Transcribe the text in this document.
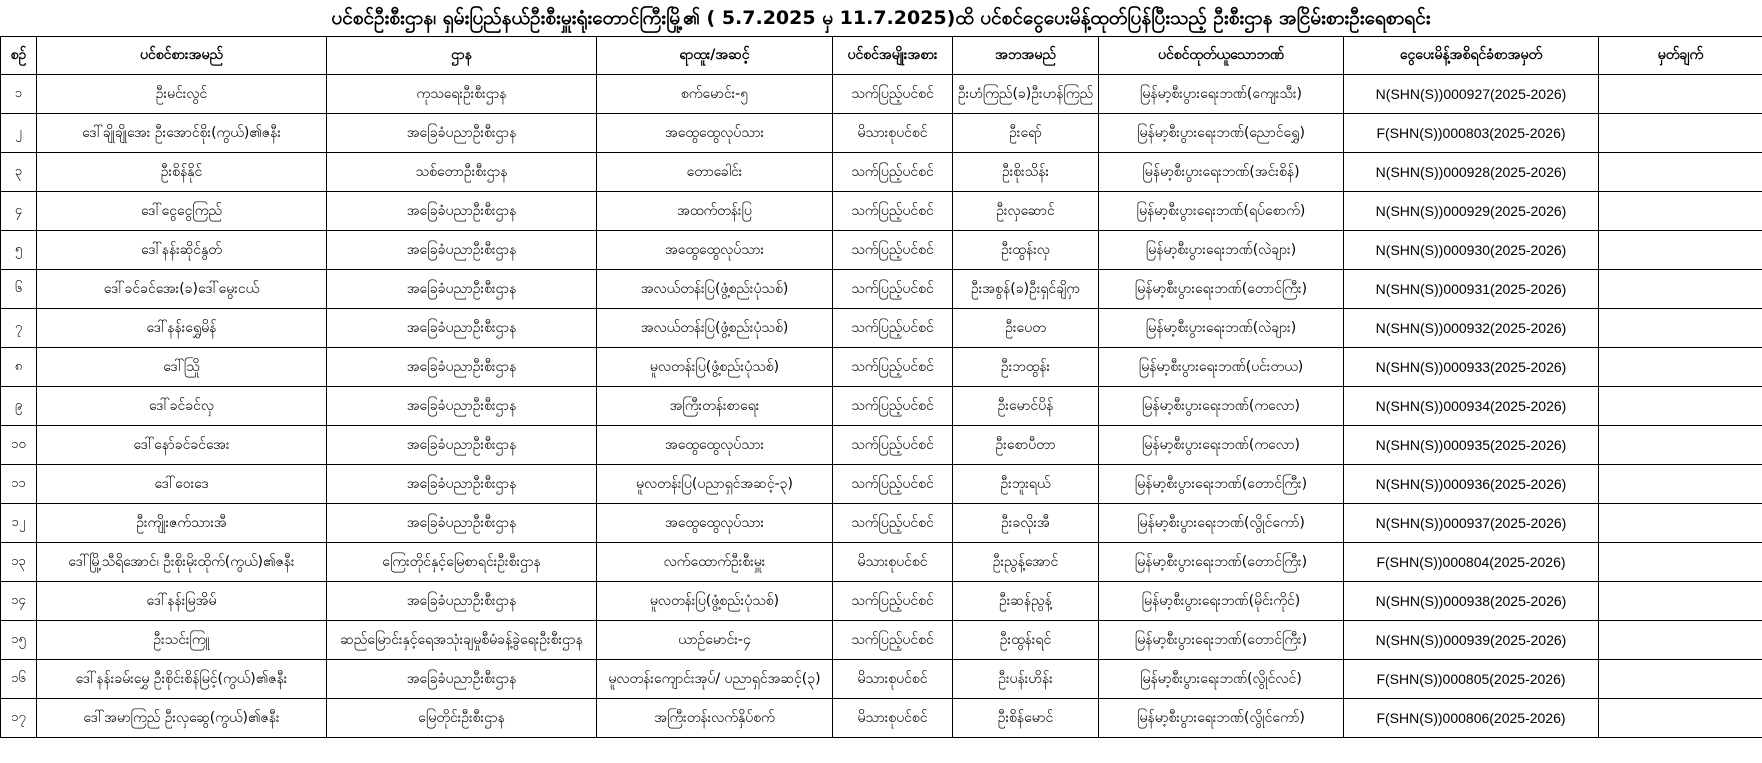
ပင်စင်ဦးစီးဌာန၊ ရှမ်းပြည်နယ်ဦးစီးမှူးရုံးတောင်ကြီးမြို့၏ ( 5.7.2025 မှ 11.7.2025)ထိ ပင်စင်ငွေပေးမိန့်ထုတ်ပြန်ပြီးသည့် ဦးစီးဌာန အငြိမ်းစားဦးရေစာရင်း
စဉ်	ပင်စင်စားအမည်	ဌာန	ရာထူး/အဆင့်	ပင်စင်အမျိုးအစား	အဘအမည်	ပင်စင်ထုတ်ယူသောဘဏ်	ငွေပေးမိန့်အစိရင်ခံစာအမှတ်	မှတ်ချက်
၁	ဦးမင်းလွင်	ကုသရေးဦးစီးဌာန	စက်မောင်း-၅	သက်ပြည့်ပင်စင်	ဦးဟံကြည်(ခ)ဦးဟန်ကြည်	မြန်မာ့စီးပွားရေးဘဏ်(ကျေးသီး)	N(SHN(S))000927(2025-2026)	
၂	ဒေါ်ချိုချိုအေး ဦးအောင်စိုး(ကွယ်)၏ဇနီး	အခြေခံပညာဦးစီးဌာန	အထွေထွေလုပ်သား	မိသားစုပင်စင်	ဦးရော်	မြန်မာ့စီးပွားရေးဘဏ်(ညောင်ရွှေ)	F(SHN(S))000803(2025-2026)	
၃	ဦးစိန်နိုင်	သစ်တောဦးစီးဌာန	တောခေါင်း	သက်ပြည့်ပင်စင်	ဦးစိုးသိန်း	မြန်မာ့စီးပွားရေးဘဏ်(အင်းစိန်)	N(SHN(S))000928(2025-2026)	
၄	ဒေါ်ငွေငွေကြည်	အခြေခံပညာဦးစီးဌာန	အထက်တန်းပြ	သက်ပြည့်ပင်စင်	ဦးလှဆောင်	မြန်မာ့စီးပွားရေးဘဏ်(ရပ်စောက်)	N(SHN(S))000929(2025-2026)	
၅	ဒေါ်နန်းဆိုင်နွတ်	အခြေခံပညာဦးစီးဌာန	အထွေထွေလုပ်သား	သက်ပြည့်ပင်စင်	ဦးထွန်းလှ	မြန်မာ့စီးပွားရေးဘဏ်(လဲချား)	N(SHN(S))000930(2025-2026)	
၆	ဒေါ်ခင်ခင်အေး(ခ)ဒေါ်မွေးငယ်	အခြေခံပညာဦးစီးဌာန	အလယ်တန်းပြ(ဖွံ့စည်းပုံသစ်)	သက်ပြည့်ပင်စင်	ဦးအစွန်(ခ)ဦးရှင်ချိဂှာ	မြန်မာ့စီးပွားရေးဘဏ်(တောင်ကြီး)	N(SHN(S))000931(2025-2026)	
၇	ဒေါ်နန်းရွှေမိန်	အခြေခံပညာဦးစီးဌာန	အလယ်တန်းပြ(ဖွံ့စည်းပုံသစ်)	သက်ပြည့်ပင်စင်	ဦးပေတ	မြန်မာ့စီးပွားရေးဘဏ်(လဲချား)	N(SHN(S))000932(2025-2026)	
၈	ဒေါ်သြို	အခြေခံပညာဦးစီးဌာန	မူလတန်းပြ(ဖွံ့စည်းပုံသစ်)	သက်ပြည့်ပင်စင်	ဦးဘထွန်း	မြန်မာ့စီးပွားရေးဘဏ်(ပင်းတယ)	N(SHN(S))000933(2025-2026)	
၉	ဒေါ်ခင်ခင်လှ	အခြေခံပညာဦးစီးဌာန	အကြီးတန်းစာရေး	သက်ပြည့်ပင်စင်	ဦးမောင်ပိန်	မြန်မာ့စီးပွားရေးဘဏ်(ကလော)	N(SHN(S))000934(2025-2026)	
၁၀	ဒေါ်နော်ခင်ခင်အေး	အခြေခံပညာဦးစီးဌာန	အထွေထွေလုပ်သား	သက်ပြည့်ပင်စင်	ဦးစောပီတာ	မြန်မာ့စီးပွားရေးဘဏ်(ကလော)	N(SHN(S))000935(2025-2026)	
၁၁	ဒေါ်ဝေးဒေ	အခြေခံပညာဦးစီးဌာန	မူလတန်းပြ(ပညာရှင်အဆင့်-၃)	သက်ပြည့်ပင်စင်	ဦးဘူးရယ်	မြန်မာ့စီးပွားရေးဘဏ်(တောင်ကြီး)	N(SHN(S))000936(2025-2026)	
၁၂	ဦးကျိုးဇက်သားအီ	အခြေခံပညာဦးစီးဌာန	အထွေထွေလုပ်သား	သက်ပြည့်ပင်စင်	ဦးခလိုးအီ	မြန်မာ့စီးပွားရေးဘဏ်(လွိုင်ကော်)	N(SHN(S))000937(2025-2026)	
၁၃	ဒေါ်မြို့သီရိအောင်၊ ဦးစိုးမိုးထိုက်(ကွယ်)၏ဇနီး	ကြေးတိုင်နှင့်မြေစာရင်းဦးစီးဌာန	လက်ထောက်ဦးစီးမှူး	မိသားစုပင်စင်	ဦးညွန့်အောင်	မြန်မာ့စီးပွားရေးဘဏ်(တောင်ကြီး)	F(SHN(S))000804(2025-2026)	
၁၄	ဒေါ်နန်းမြအိမ်	အခြေခံပညာဦးစီးဌာန	မူလတန်းပြ(ဖွံ့စည်းပုံသစ်)	သက်ပြည့်ပင်စင်	ဦးဆန်ညွန့်	မြန်မာ့စီးပွားရေးဘဏ်(မိုင်းကိုင်)	N(SHN(S))000938(2025-2026)	
၁၅	ဦးသင်းကြူ	ဆည်မြောင်းနှင့်ရေအသုံးချမှုစီမံခန့်ခွဲရေးဦးစီးဌာန	ယာဉ်မောင်း-၄	သက်ပြည့်ပင်စင်	ဦးထွန်းရင်	မြန်မာ့စီးပွားရေးဘဏ်(တောင်ကြီး)	N(SHN(S))000939(2025-2026)	
၁၆	ဒေါ်နန်းခမ်းမွှေ ဦးစိုင်းစိန်မြင့်(ကွယ်)၏ဇနီး	အခြေခံပညာဦးစီးဌာန	မူလတန်းကျောင်းအုပ်/ ပညာရှင်အဆင့်(၃)	မိသားစုပင်စင်	ဦးပန်းဟိန်း	မြန်မာ့စီးပွားရေးဘဏ်(လွိုင်လင်)	F(SHN(S))000805(2025-2026)	
၁၇	ဒေါ်အမာကြည် ဦးလှဆွေ(ကွယ်)၏ဇနီး	မြေတိုင်းဦးစီးဌာန	အကြီးတန်းလက်နှိပ်စက်	မိသားစုပင်စင်	ဦးစိန်မောင်	မြန်မာ့စီးပွားရေးဘဏ်(လွိုင်ကော်)	F(SHN(S))000806(2025-2026)	
